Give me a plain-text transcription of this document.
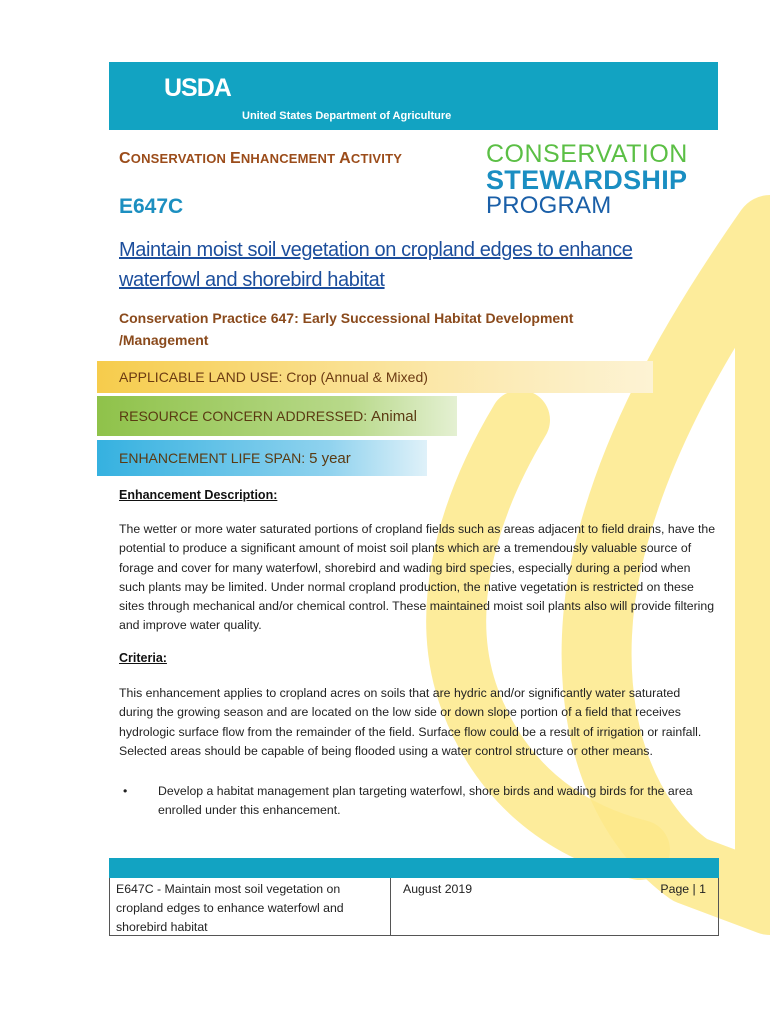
USDA
United States Department of Agriculture
CONSERVATION ENHANCEMENT ACTIVITY
E647C
CONSERVATION
STEWARDSHIP
PROGRAM
Maintain moist soil vegetation on cropland edges to enhance waterfowl and shorebird habitat
Conservation Practice 647: Early Successional Habitat Development /Management
APPLICABLE LAND USE: Crop (Annual & Mixed)
RESOURCE CONCERN ADDRESSED:
Animal
ENHANCEMENT LIFE SPAN:
5 year
Enhancement Description:

The wetter or more water saturated portions of cropland fields such as areas adjacent to field drains, have the potential to produce a significant amount of moist soil plants which are a tremendously valuable source of forage and cover for many waterfowl, shorebird and wading bird species, especially during a period when such plants may be limited. Under normal cropland production, the native vegetation is restricted on these sites through mechanical and/or chemical control. These maintained moist soil plants also will provide filtering and improve water quality.

Criteria:

This enhancement applies to cropland acres on soils that are hydric and/or significantly water saturated during the growing season and are located on the low side or down slope portion of a field that receives hydrologic surface flow from the remainder of the field. Surface flow could be a result of irrigation or rainfall. Selected areas should be capable of being flooded using a water control structure or other means.

• Develop a habitat management plan targeting waterfowl, shore birds and wading birds for the area enrolled under this enhancement.
E647C - Maintain most soil vegetation on cropland edges to enhance waterfowl and shorebird habitat
August 2019	Page | 1
